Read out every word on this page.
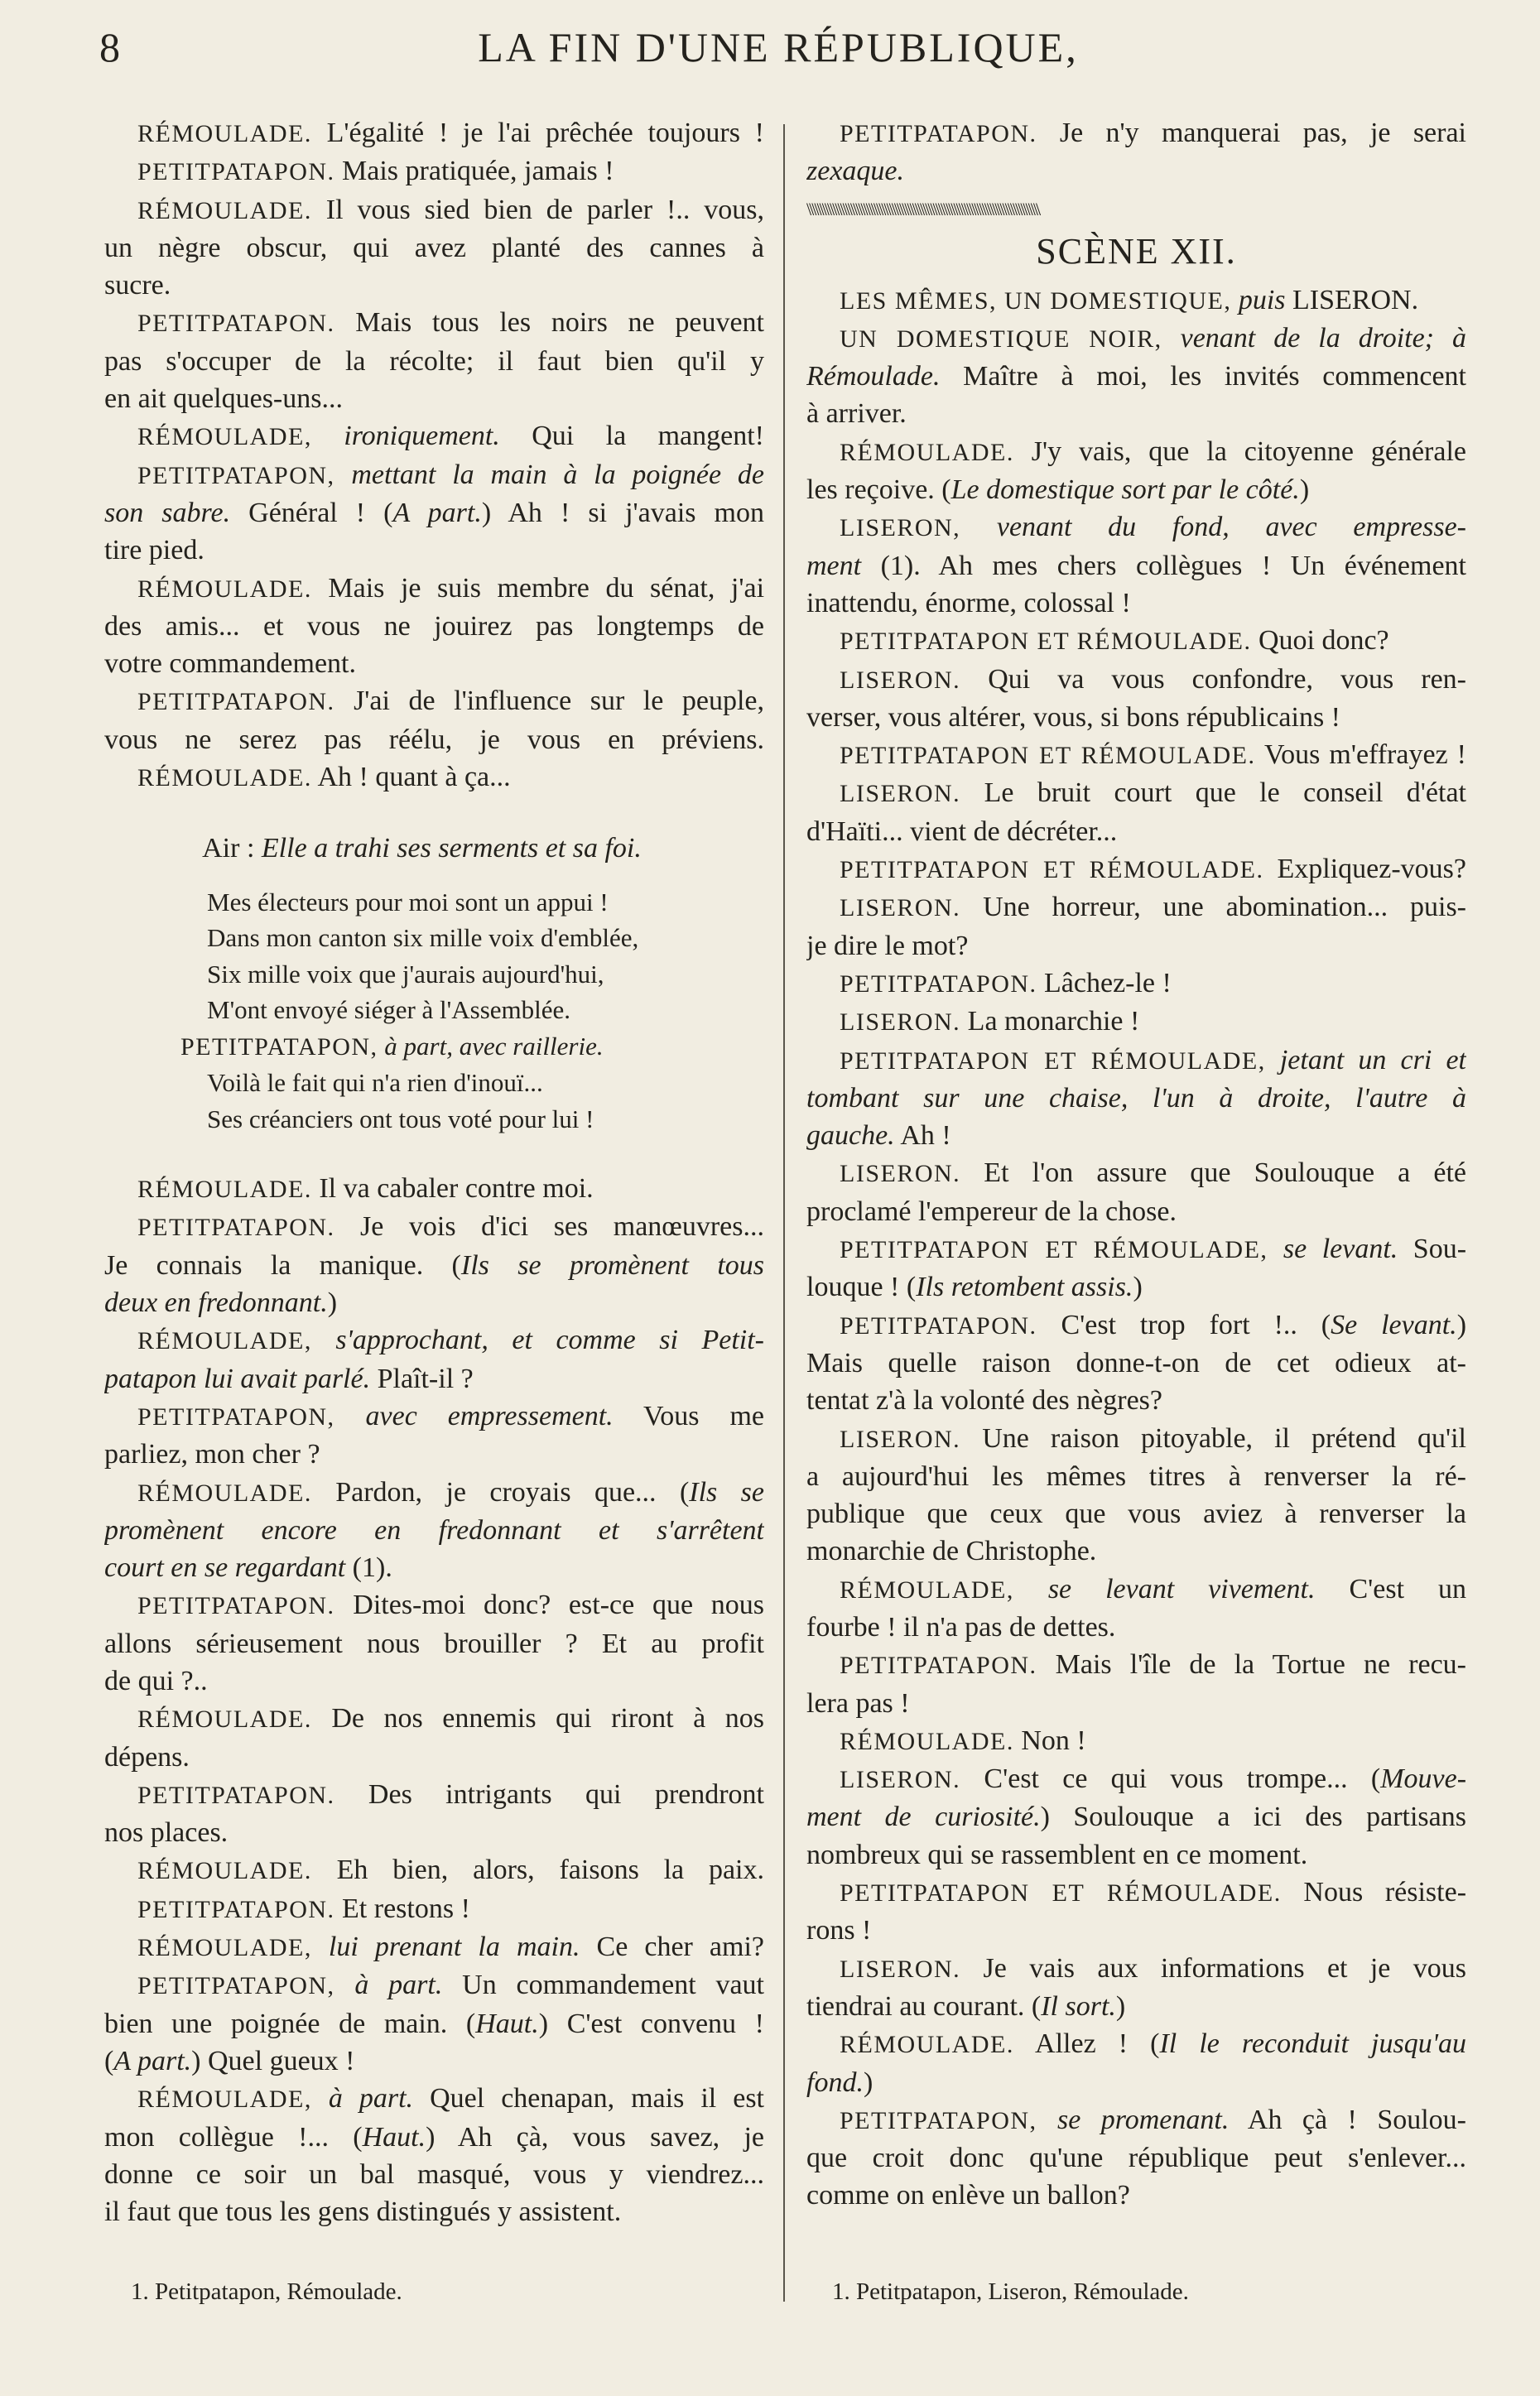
8	LA FIN D'UNE RÉPUBLIQUE,
RÉMOULADE. L'égalité ! je l'ai prêchée toujours !
PETITPATAPON. Mais pratiquée, jamais !
RÉMOULADE. Il vous sied bien de parler !.. vous,
un nègre obscur, qui avez planté des cannes à
sucre.
PETITPATAPON. Mais tous les noirs ne peuvent
pas s'occuper de la récolte; il faut bien qu'il y
en ait quelques-uns...
RÉMOULADE, ironiquement. Qui la mangent!
PETITPATAPON, mettant la main à la poignée de
son sabre. Général ! (A part.) Ah ! si j'avais mon
tire pied.
RÉMOULADE. Mais je suis membre du sénat, j'ai
des amis... et vous ne jouirez pas longtemps de
votre commandement.
PETITPATAPON. J'ai de l'influence sur le peuple,
vous ne serez pas réélu, je vous en préviens.
RÉMOULADE. Ah ! quant à ça...
Air : Elle a trahi ses serments et sa foi.
Mes électeurs pour moi sont un appui !
Dans mon canton six mille voix d'emblée,
Six mille voix que j'aurais aujourd'hui,
M'ont envoyé siéger à l'Assemblée.
PETITPATAPON, à part, avec raillerie.
Voilà le fait qui n'a rien d'inouï...
Ses créanciers ont tous voté pour lui !
RÉMOULADE. Il va cabaler contre moi.
PETITPATAPON. Je vois d'ici ses manœuvres...
Je connais la manique. (Ils se promènent tous
deux en fredonnant.)
RÉMOULADE, s'approchant, et comme si Petit-
patapon lui avait parlé. Plaît-il ?
PETITPATAPON, avec empressement. Vous me
parliez, mon cher ?
RÉMOULADE. Pardon, je croyais que... (Ils se
promènent encore en fredonnant et s'arrêtent
court en se regardant (1).
PETITPATAPON. Dites-moi donc? est-ce que nous
allons sérieusement nous brouiller ? Et au profit
de qui ?..
RÉMOULADE. De nos ennemis qui riront à nos
dépens.
PETITPATAPON. Des intrigants qui prendront
nos places.
RÉMOULADE. Eh bien, alors, faisons la paix.
PETITPATAPON. Et restons !
RÉMOULADE, lui prenant la main. Ce cher ami?
PETITPATAPON, à part. Un commandement vaut
bien une poignée de main. (Haut.) C'est convenu !
(A part.) Quel gueux !
RÉMOULADE, à part. Quel chenapan, mais il est
mon collègue !... (Haut.) Ah çà, vous savez, je
donne ce soir un bal masqué, vous y viendrez...
il faut que tous les gens distingués y assistent.
PETITPATAPON. Je n'y manquerai pas, je serai
zexaque.
\\\\\\\\\\\\\\\\\\\\\\\\\\\\\\\\\\\\\\\\\\\\\\\\\\\\\\\\\\\\\\\\\\\\\\\\\\\\\\\\\\\\\\\\\\
SCÈNE XII.
LES MÊMES, UN DOMESTIQUE, puis LISERON.
UN DOMESTIQUE NOIR, venant de la droite; à
Rémoulade. Maître à moi, les invités commencent
à arriver.
RÉMOULADE. J'y vais, que la citoyenne générale
les reçoive. (Le domestique sort par le côté.)
LISERON, venant du fond, avec empresse-
ment (1). Ah mes chers collègues ! Un événement
inattendu, énorme, colossal !
PETITPATAPON ET RÉMOULADE. Quoi donc?
LISERON. Qui va vous confondre, vous ren-
verser, vous altérer, vous, si bons républicains !
PETITPATAPON ET RÉMOULADE. Vous m'effrayez !
LISERON. Le bruit court que le conseil d'état
d'Haïti... vient de décréter...
PETITPATAPON ET RÉMOULADE. Expliquez-vous?
LISERON. Une horreur, une abomination... puis-
je dire le mot?
PETITPATAPON. Lâchez-le !
LISERON. La monarchie !
PETITPATAPON ET RÉMOULADE, jetant un cri et
tombant sur une chaise, l'un à droite, l'autre à
gauche. Ah !
LISERON. Et l'on assure que Soulouque a été
proclamé l'empereur de la chose.
PETITPATAPON ET RÉMOULADE, se levant. Sou-
louque ! (Ils retombent assis.)
PETITPATAPON. C'est trop fort !.. (Se levant.)
Mais quelle raison donne-t-on de cet odieux at-
tentat z'à la volonté des nègres?
LISERON. Une raison pitoyable, il prétend qu'il
a aujourd'hui les mêmes titres à renverser la ré-
publique que ceux que vous aviez à renverser la
monarchie de Christophe.
RÉMOULADE, se levant vivement. C'est un
fourbe ! il n'a pas de dettes.
PETITPATAPON. Mais l'île de la Tortue ne recu-
lera pas !
RÉMOULADE. Non !
LISERON. C'est ce qui vous trompe... (Mouve-
ment de curiosité.) Soulouque a ici des partisans
nombreux qui se rassemblent en ce moment.
PETITPATAPON ET RÉMOULADE. Nous résiste-
rons !
LISERON. Je vais aux informations et je vous
tiendrai au courant. (Il sort.)
RÉMOULADE. Allez ! (Il le reconduit jusqu'au
fond.)
PETITPATAPON, se promenant. Ah çà ! Soulou-
que croit donc qu'une république peut s'enlever...
comme on enlève un ballon?
1. Petitpatapon, Rémoulade.	1. Petitpatapon, Liseron, Rémoulade.
